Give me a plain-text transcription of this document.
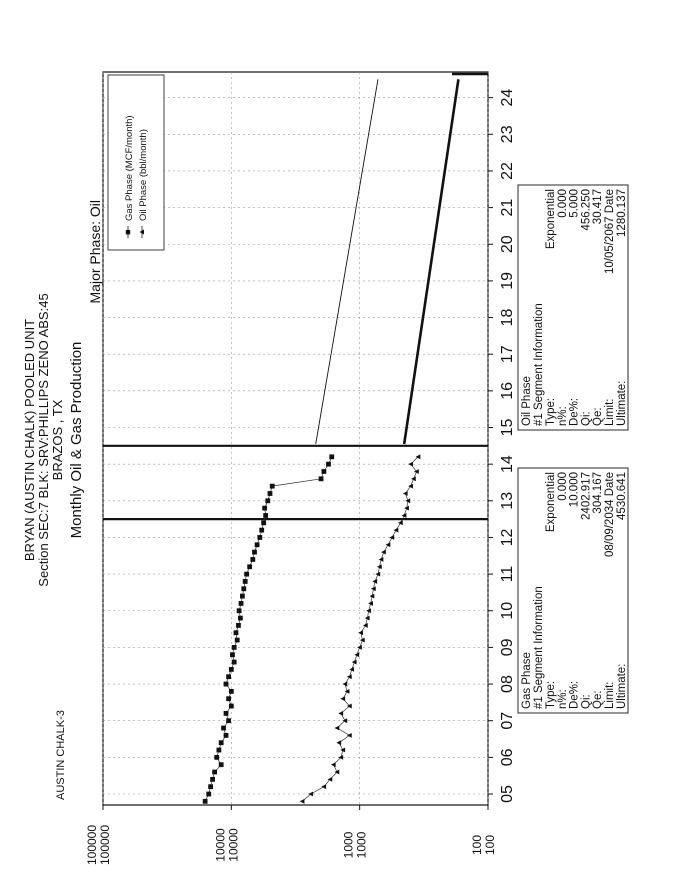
AUSTIN CHALK-3
BRYAN (AUSTIN CHALK) POOLED UNIT Section SEC:7 BLK: SRV:PHILLIPS ZENO ABS:45 BRAZOS , TX Monthly Oil & Gas Production
Major Phase: Oil
05
06
07
08
09
10
11
12
13
14
15
16
17
18
19
20
21
22
23
24
100 100
1000 1000
10000 10000
100000 100000
Gas Phase (MCF/month) Oil Phase (bbl/month)
Gas Phase #1 Segment Information Type:
Exponential
n%:
0.000
De%:
10.000
Qi:
2402.917
Qe:
304.167
Limit:
08/09/2034 Date
Ultimate:
4530.641
Oil Phase #1 Segment Information Type:
Exponential
n%:
0.000
De%:
5.000
Qi:
456.250
Qe:
30.417
Limit:
10/05/2067 Date
Ultimate:
1280.137
